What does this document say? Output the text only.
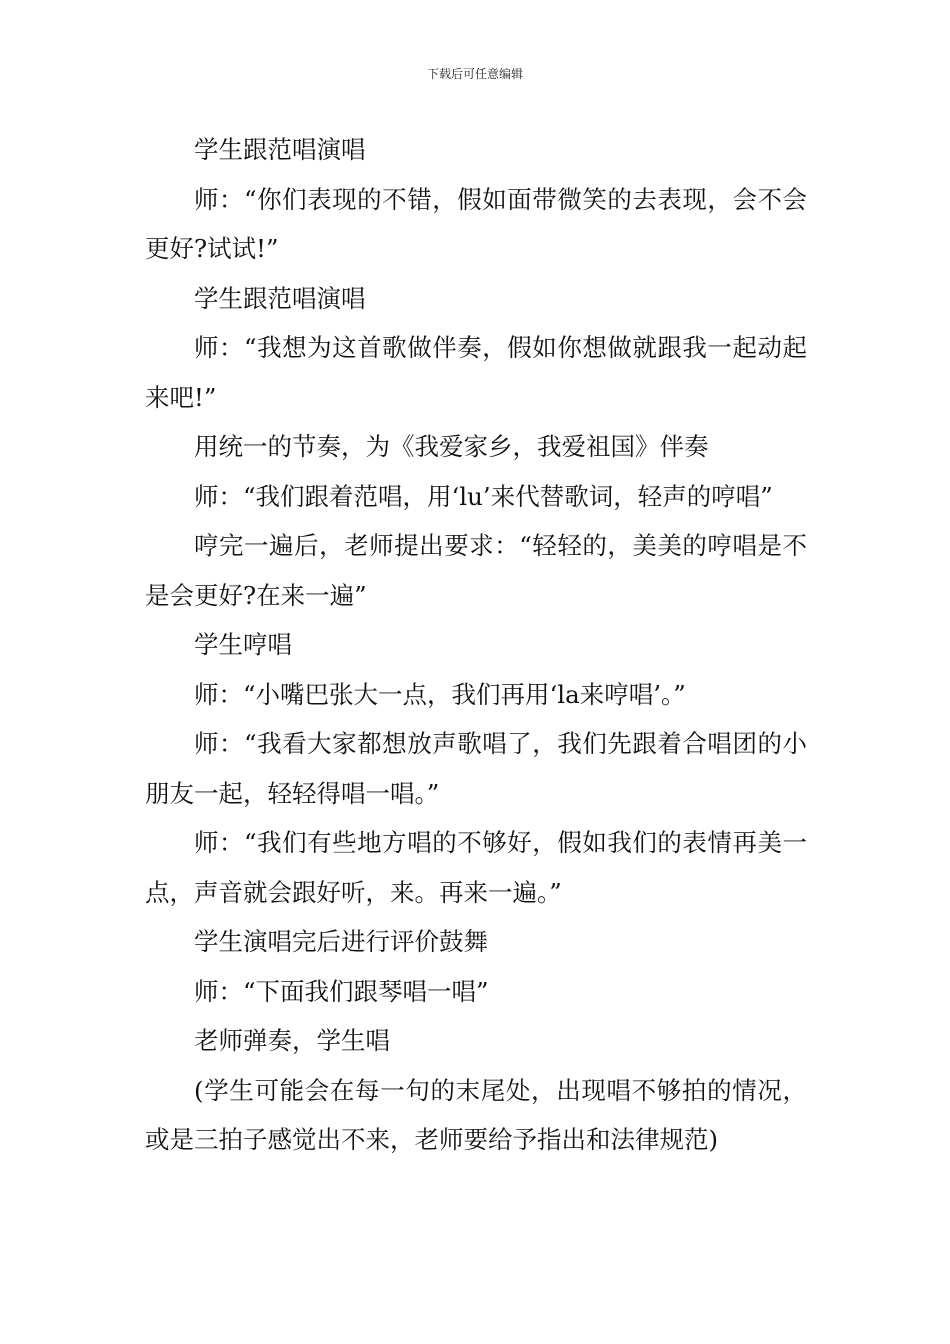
下载后可任意编辑

学生跟范唱演唱

师：“你们表现的不错，假如面带微笑的去表现，会不会更好?试试!”

学生跟范唱演唱

师：“我想为这首歌做伴奏，假如你想做就跟我一起动起来吧!”

用统一的节奏，为《我爱家乡，我爱祖国》伴奏

师：“我们跟着范唱，用‘lu’来代替歌词，轻声的哼唱”

哼完一遍后，老师提出要求：“轻轻的，美美的哼唱是不是会更好?在来一遍”

学生哼唱

师：“小嘴巴张大一点，我们再用‘la来哼唱’。”

师：“我看大家都想放声歌唱了，我们先跟着合唱团的小朋友一起，轻轻得唱一唱。”

师：“我们有些地方唱的不够好，假如我们的表情再美一点，声音就会跟好听，来。再来一遍。”

学生演唱完后进行评价鼓舞

师：“下面我们跟琴唱一唱”

老师弹奏，学生唱

(学生可能会在每一句的末尾处，出现唱不够拍的情况，或是三拍子感觉出不来，老师要给予指出和法律规范)
